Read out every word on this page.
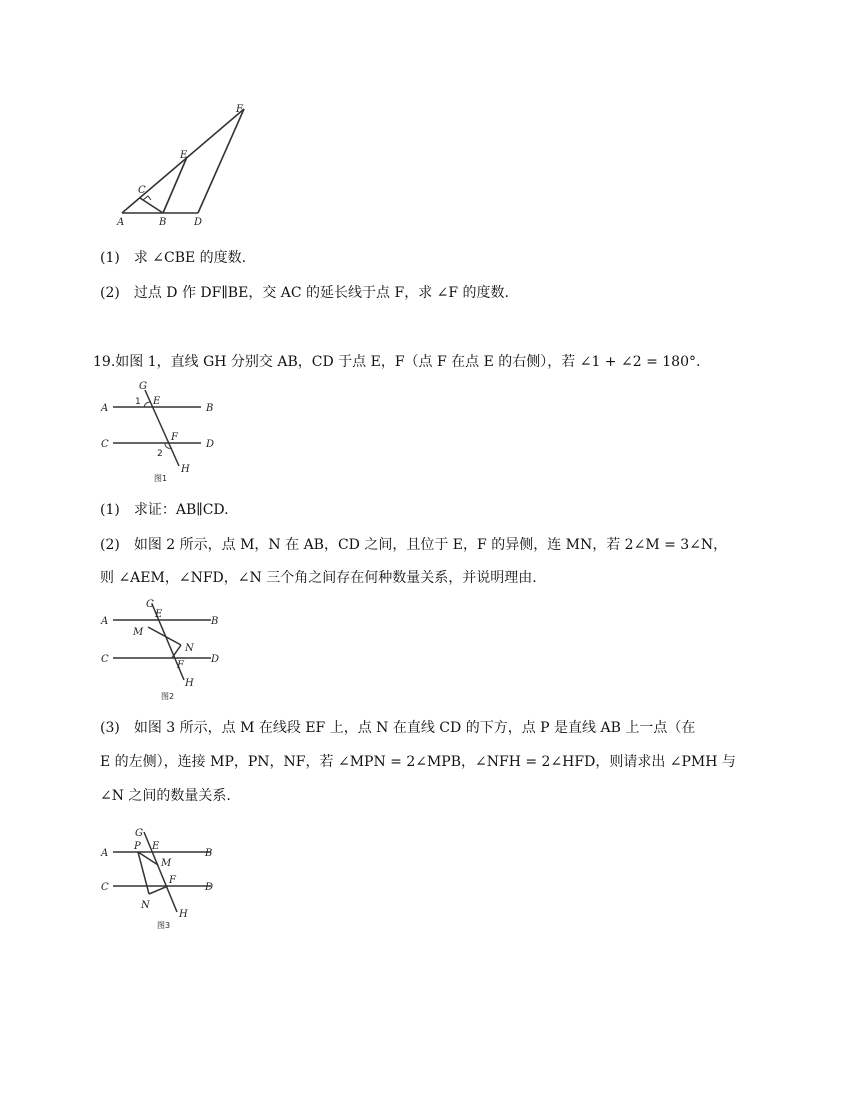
A	B
C
D
E
F
(1)　求 ∠CBE 的度数.
(2)　过点 D 作 DF∥BE，交 AC 的延长线于点 F，求 ∠F 的度数.
19.如图 1，直线 GH 分别交 AB，CD 于点 E，F（点 F 在点 E 的右侧），若 ∠1 + ∠2 = 180°.
G
A	B
C	D
E
F
H
1
2
图1
(1)　求证：AB∥CD.
(2)　如图 2 所示，点 M，N 在 AB，CD 之间，且位于 E，F 的异侧，连 MN，若 2∠M = 3∠N，
则 ∠AEM，∠NFD，∠N 三个角之间存在何种数量关系，并说明理由.
G
E
A	B
M
N
C
F
D
H
图2
(3)　如图 3 所示，点 M 在线段 EF 上，点 N 在直线 CD 的下方，点 P 是直线 AB 上一点（在
E 的左侧），连接 MP，PN，NF，若 ∠MPN = 2∠MPB，∠NFH = 2∠HFD，则请求出 ∠PMH 与
∠N 之间的数量关系.
G
P E
A	B
M
C
F
D
N
H
图3
